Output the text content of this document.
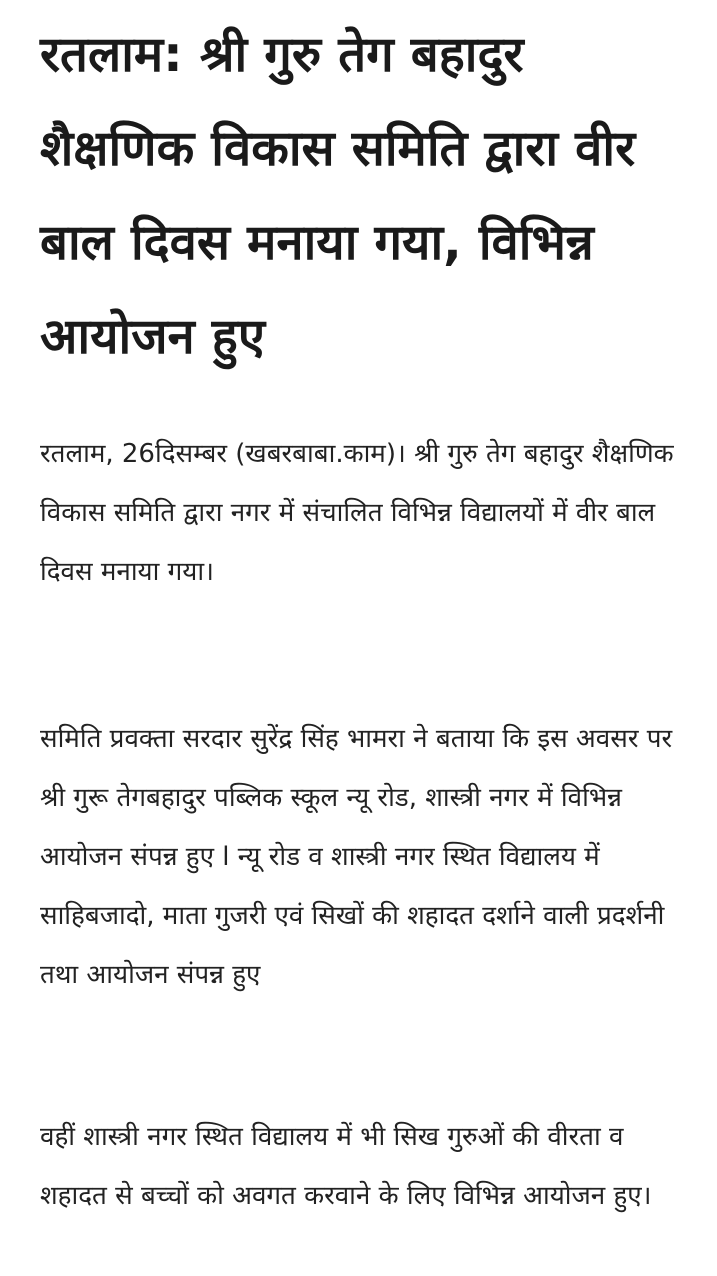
रतलाम: श्री गुरु तेग बहादुर शैक्षणिक विकास समिति द्वारा वीर बाल दिवस मनाया गया, विभिन्न आयोजन हुए

रतलाम, 26दिसम्बर (खबरबाबा.काम)। श्री गुरु तेग बहादुर शैक्षणिक विकास समिति द्वारा नगर में संचालित विभिन्न विद्यालयों में वीर बाल दिवस मनाया गया।

समिति प्रवक्ता सरदार सुरेंद्र सिंह भामरा ने बताया कि इस अवसर पर श्री गुरू तेगबहादुर पब्लिक स्कूल न्यू रोड, शास्त्री नगर में विभिन्न आयोजन संपन्न हुए l न्यू रोड व शास्त्री नगर स्थित विद्यालय में साहिबजादो, माता गुजरी एवं सिखों की शहादत दर्शाने वाली प्रदर्शनी तथा आयोजन संपन्न हुए

वहीं शास्त्री नगर स्थित विद्यालय में भी सिख गुरुओं की वीरता व शहादत से बच्चों को अवगत करवाने के लिए विभिन्न आयोजन हुए।
